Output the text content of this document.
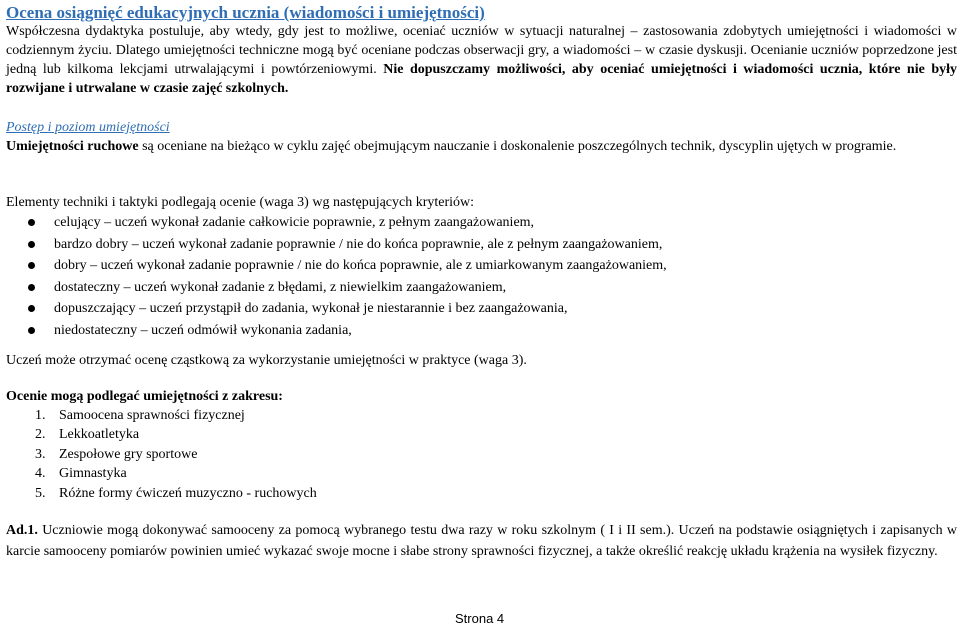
Ocena osiągnięć edukacyjnych ucznia (wiadomości i umiejętności)
Współczesna dydaktyka postuluje, aby wtedy, gdy jest to możliwe, oceniać uczniów w sytuacji naturalnej – zastosowania zdobytych umiejętności i wiadomości w codziennym życiu. Dlatego umiejętności techniczne mogą być oceniane podczas obserwacji gry, a wiadomości – w czasie dyskusji. Ocenianie uczniów poprzedzone jest jedną lub kilkoma lekcjami utrwalającymi i powtórzeniowymi. Nie dopuszczamy możliwości, aby oceniać umiejętności i wiadomości ucznia, które nie były rozwijane i utrwalane w czasie zajęć szkolnych.
Postęp i poziom umiejętności
Umiejętności ruchowe są oceniane na bieżąco w cyklu zajęć obejmującym nauczanie i doskonalenie poszczególnych technik, dyscyplin ujętych w programie.
Elementy techniki i taktyki podlegają ocenie (waga 3) wg następujących kryteriów:
celujący – uczeń wykonał zadanie całkowicie poprawnie, z pełnym zaangażowaniem,
bardzo dobry – uczeń wykonał zadanie poprawnie / nie do końca poprawnie, ale z pełnym zaangażowaniem,
dobry – uczeń wykonał zadanie poprawnie / nie do końca poprawnie, ale z umiarkowanym zaangażowaniem,
dostateczny – uczeń wykonał zadanie z błędami, z niewielkim zaangażowaniem,
dopuszczający – uczeń przystąpił do zadania, wykonał je niestarannie i bez zaangażowania,
niedostateczny – uczeń odmówił wykonania zadania,
Uczeń może otrzymać ocenę cząstkową za wykorzystanie umiejętności w praktyce (waga 3).
Ocenie mogą podlegać umiejętności z zakresu:
1. Samoocena sprawności fizycznej
2. Lekkoatletyka
3. Zespołowe gry sportowe
4. Gimnastyka
5. Różne formy ćwiczeń muzyczno - ruchowych
Ad.1. Uczniowie mogą dokonywać samooceny za pomocą wybranego testu dwa razy w roku szkolnym ( I i II sem.). Uczeń na podstawie osiągniętych i zapisanych w karcie samooceny pomiarów powinien umieć wykazać swoje mocne i słabe strony sprawności fizycznej, a także określić reakcję układu krążenia na wysiłek fizyczny.
Strona 4
